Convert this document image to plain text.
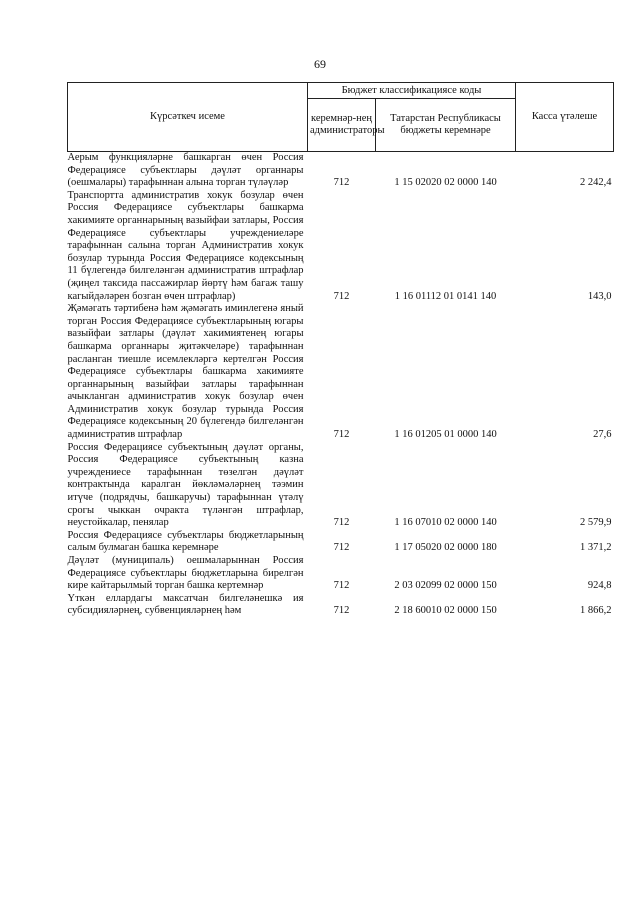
69
Күрсәткеч исеме	Бюджет классификациясе коды		Касса үтәлеше
	керемнәр-нең администраторы	Татарстан Республикасы бюджеты керемнәре	
Аерым функцияләрне башкарган өчен Россия Федерациясе субъектлары дәүләт органнары (оешмалары) тарафыннан алына торган түләүләр	712	1 15 02020 02 0000 140	2 242,4
Транспортта административ хокук бозулар өчен Россия Федерациясе субъектлары башкарма хакимияте органнарының вазыйфаи затлары, Россия Федерациясе субъектлары учреждениеләре тарафыннан салына торган Административ хокук бозулар турында Россия Федерациясе кодексының 11 бүлегендә билгеләнгән административ штрафлар (җиңел таксида пассажирлар йөртү һәм багаж ташу кагыйдәләрен бозган өчен штрафлар)	712	1 16 01112 01 0141 140	143,0
Җәмәгать тәртибенә һәм җәмәгать иминлегенә яный торган Россия Федерациясе субъектларының югары вазыйфаи затлары (дәүләт хакимиятенең югары башкарма органнары җитәкчеләре) тарафыннан расланган тиешле исемлекләргә кертелгән Россия Федерациясе субъектлары башкарма хакимияте органнарының вазыйфаи затлары тарафыннан ачыкланган административ хокук бозулар өчен Административ хокук бозулар турында Россия Федерациясе кодексының 20 бүлегендә билгеләнгән административ штрафлар	712	1 16 01205 01 0000 140	27,6
Россия Федерациясе субъектының дәүләт органы, Россия Федерациясе субъектының казна учреждениесе тарафыннан төзелгән дәүләт контрактында каралган йөкләмәләрнең тәэмин итүче (подрядчы, башкаручы) тарафыннан үтәлү срогы чыккан очракта түләнгән штрафлар, неустойкалар, пенялар	712	1 16 07010 02 0000 140	2 579,9
Россия Федерациясе субъектлары бюджетларының салым булмаган башка керемнәре	712	1 17 05020 02 0000 180	1 371,2
Дәүләт (муниципаль) оешмаларыннан Россия Федерациясе субъектлары бюджетларына бирелгән кире кайтарылмый торган башка кертемнәр	712	2 03 02099 02 0000 150	924,8
Үткән еллардагы максатчан билгеләнешкә ия субсидияләрнең, субвенцияләрнең һәм	712	2 18 60010 02 0000 150	1 866,2
